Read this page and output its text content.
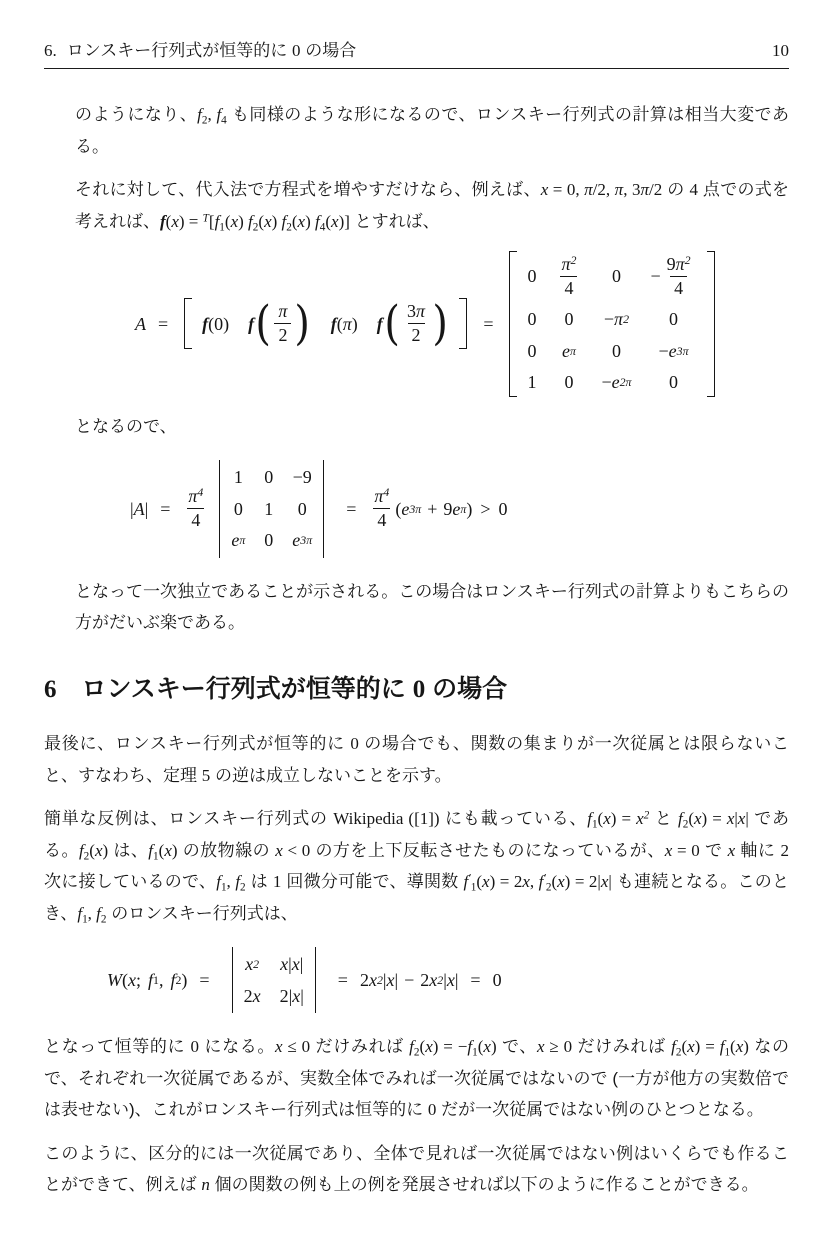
6. ロンスキー行列式が恒等的に 0 の場合	10

のようになり、f2, f4 も同様のような形になるので、ロンスキー行列式の計算は相当大変である。

それに対して、代入法で方程式を増やすだけなら、例えば、x = 0, π/2, π, 3π/2 の 4 点での式を考えれば、f(x) = $^T$[f1(x) f2(x) f2(x) f4(x)] とすれば、

A = f (0) f ( $\frac{\pi}{2}$ ) f ( π ) f ( $\frac{3\pi}{2}$ ) =
$0 \frac{\pi^2}{4} 0 - \frac{9\pi^2}{4}$
0 0 − π 2 0
0 e π 0 − e 3π
1 0 − e 2π 0

となるので、

| A | = $\frac{\pi^4}{4}$
1 0 −9
0 1 0
e π 0 e 3π
= $\frac{\pi^4}{4}$ ( e 3π + 9 e π ) > 0

となって一次独立であることが示される。この場合はロンスキー行列式の計算よりもこちらの方がだいぶ楽である。

6 ロンスキー行列式が恒等的に 0 の場合

最後に、ロンスキー行列式が恒等的に 0 の場合でも、関数の集まりが一次従属とは限らないこと、すなわち、定理 5 の逆は成立しないことを示す。

簡単な反例は、ロンスキー行列式の Wikipedia ([1]) にも載っている、$f1(x) = x^2$ と f2(x) = x|x| である。f2(x) は、f1(x) の放物線の x < 0 の方を上下反転させたものになっているが、x = 0 で x 軸に 2 次に接しているので、f1, f2 は 1 回微分可能で、導関数 f′1(x) = 2x, f′2(x) = 2|x| も連続となる。このとき、f1, f2 のロンスキー行列式は、

W ( x ; f 1 , f 2 ) =
x 2 x | x |
2 x 2| x |
= 2 x 2 | x | − 2 x 2 | x | = 0

となって恒等的に 0 になる。x ≤ 0 だけみれば f2(x) = −f1(x) で、x ≥ 0 だけみれば f2(x) = f1(x) なので、それぞれ一次従属であるが、実数全体でみれば一次従属ではないので (一方が他方の実数倍では表せない)、これがロンスキー行列式は恒等的に 0 だが一次従属ではない例のひとつとなる。

このように、区分的には一次従属であり、全体で見れば一次従属ではない例はいくらでも作ることができて、例えば n 個の関数の例も上の例を発展させれば以下のように作ることができる。
